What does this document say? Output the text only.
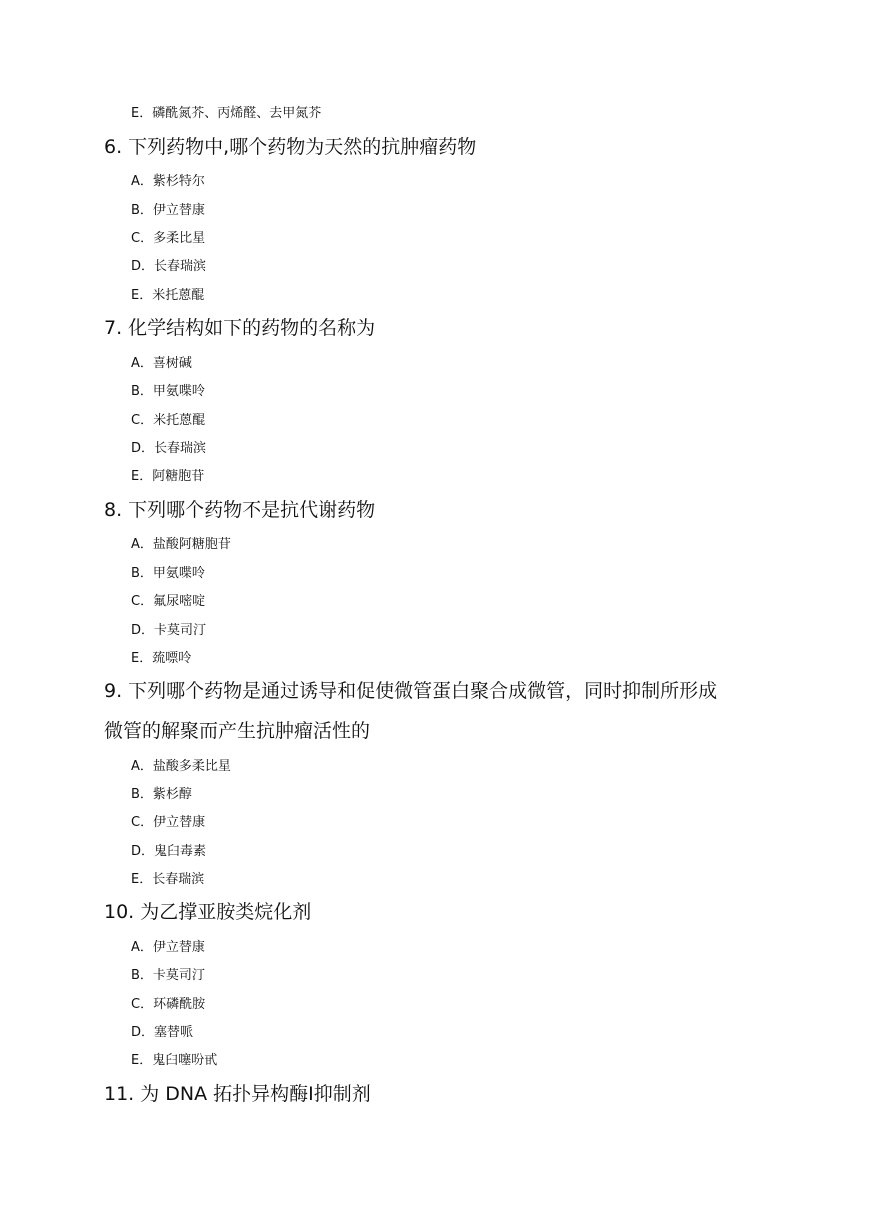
E．磷酰氮芥、丙烯醛、去甲氮芥
6. 下列药物中,哪个药物为天然的抗肿瘤药物
A．紫杉特尔
B．伊立替康
C．多柔比星
D．长春瑞滨
E．米托蒽醌
7. 化学结构如下的药物的名称为
A．喜树碱
B．甲氨喋呤
C．米托蒽醌
D．长春瑞滨
E．阿糖胞苷
8. 下列哪个药物不是抗代谢药物
A．盐酸阿糖胞苷
B．甲氨喋呤
C．氟尿嘧啶
D．卡莫司汀
E．巯嘌呤
9. 下列哪个药物是通过诱导和促使微管蛋白聚合成微管，同时抑制所形成
微管的解聚而产生抗肿瘤活性的
A．盐酸多柔比星
B．紫杉醇
C．伊立替康
D．鬼臼毒素
E．长春瑞滨
10. 为乙撑亚胺类烷化剂
A．伊立替康
B．卡莫司汀
C．环磷酰胺
D．塞替哌
E．鬼臼噻吩甙
11. 为 DNA 拓扑异构酶Ⅰ抑制剂
